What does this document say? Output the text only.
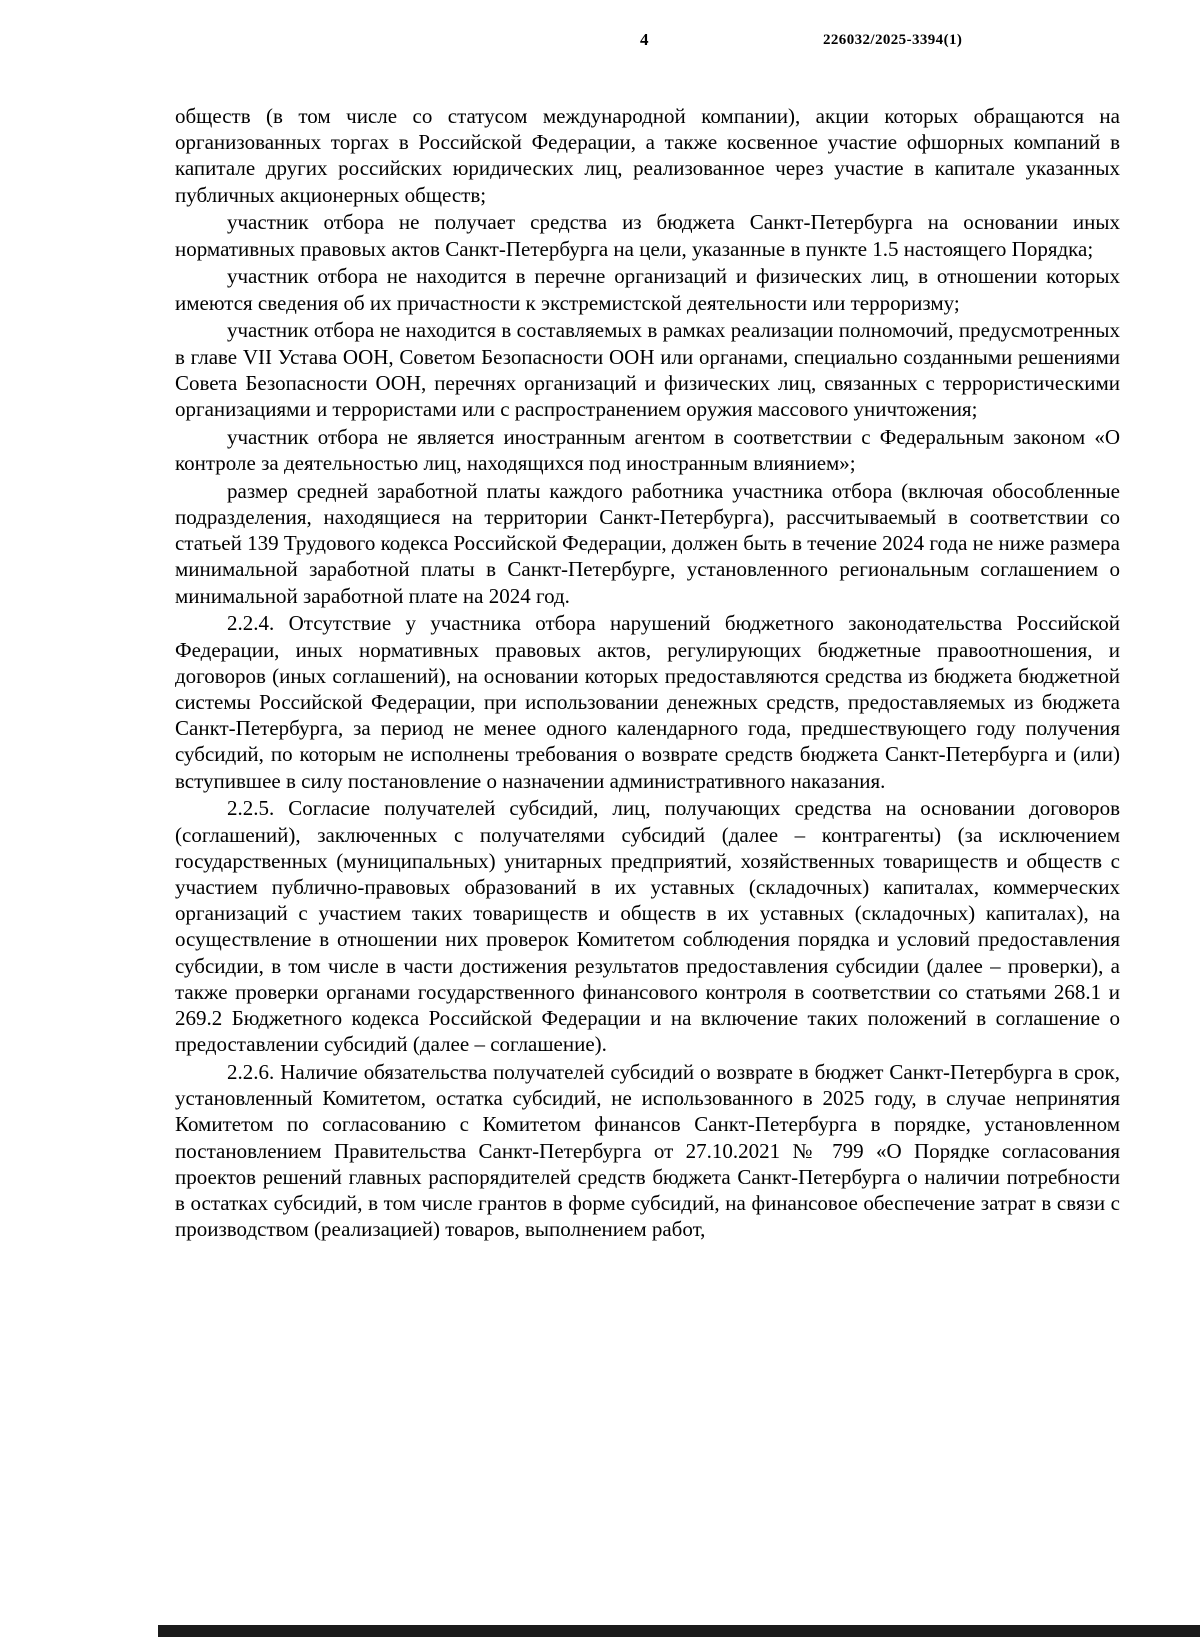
4	226032/2025-3394(1)

обществ (в том числе со статусом международной компании), акции которых обращаются на организованных торгах в Российской Федерации, а также косвенное участие офшорных компаний в капитале других российских юридических лиц, реализованное через участие в капитале указанных публичных акционерных обществ;

участник отбора не получает средства из бюджета Санкт-Петербурга на основании иных нормативных правовых актов Санкт-Петербурга на цели, указанные в пункте 1.5 настоящего Порядка;

участник отбора не находится в перечне организаций и физических лиц, в отношении которых имеются сведения об их причастности к экстремистской деятельности или терроризму;

участник отбора не находится в составляемых в рамках реализации полномочий, предусмотренных в главе VII Устава ООН, Советом Безопасности ООН или органами, специально созданными решениями Совета Безопасности ООН, перечнях организаций и физических лиц, связанных с террористическими организациями и террористами или с распространением оружия массового уничтожения;

участник отбора не является иностранным агентом в соответствии с Федеральным законом «О контроле за деятельностью лиц, находящихся под иностранным влиянием»;

размер средней заработной платы каждого работника участника отбора (включая обособленные подразделения, находящиеся на территории Санкт-Петербурга), рассчитываемый в соответствии со статьей 139 Трудового кодекса Российской Федерации, должен быть в течение 2024 года не ниже размера минимальной заработной платы в Санкт-Петербурге, установленного региональным соглашением о минимальной заработной плате на 2024 год.

2.2.4. Отсутствие у участника отбора нарушений бюджетного законодательства Российской Федерации, иных нормативных правовых актов, регулирующих бюджетные правоотношения, и договоров (иных соглашений), на основании которых предоставляются средства из бюджета бюджетной системы Российской Федерации, при использовании денежных средств, предоставляемых из бюджета Санкт-Петербурга, за период не менее одного календарного года, предшествующего году получения субсидий, по которым не исполнены требования о возврате средств бюджета Санкт-Петербурга и (или) вступившее в силу постановление о назначении административного наказания.

2.2.5. Согласие получателей субсидий, лиц, получающих средства на основании договоров (соглашений), заключенных с получателями субсидий (далее – контрагенты) (за исключением государственных (муниципальных) унитарных предприятий, хозяйственных товариществ и обществ с участием публично-правовых образований в их уставных (складочных) капиталах, коммерческих организаций с участием таких товариществ и обществ в их уставных (складочных) капиталах), на осуществление в отношении них проверок Комитетом соблюдения порядка и условий предоставления субсидии, в том числе в части достижения результатов предоставления субсидии (далее – проверки), а также проверки органами государственного финансового контроля в соответствии со статьями 268.1 и 269.2 Бюджетного кодекса Российской Федерации и на включение таких положений в соглашение о предоставлении субсидий (далее – соглашение).

2.2.6. Наличие обязательства получателей субсидий о возврате в бюджет Санкт-Петербурга в срок, установленный Комитетом, остатка субсидий, не использованного в 2025 году, в случае непринятия Комитетом по согласованию с Комитетом финансов Санкт-Петербурга в порядке, установленном постановлением Правительства Санкт-Петербурга от 27.10.2021 № 799 «О Порядке согласования проектов решений главных распорядителей средств бюджета Санкт-Петербурга о наличии потребности в остатках субсидий, в том числе грантов в форме субсидий, на финансовое обеспечение затрат в связи с производством (реализацией) товаров, выполнением работ,
